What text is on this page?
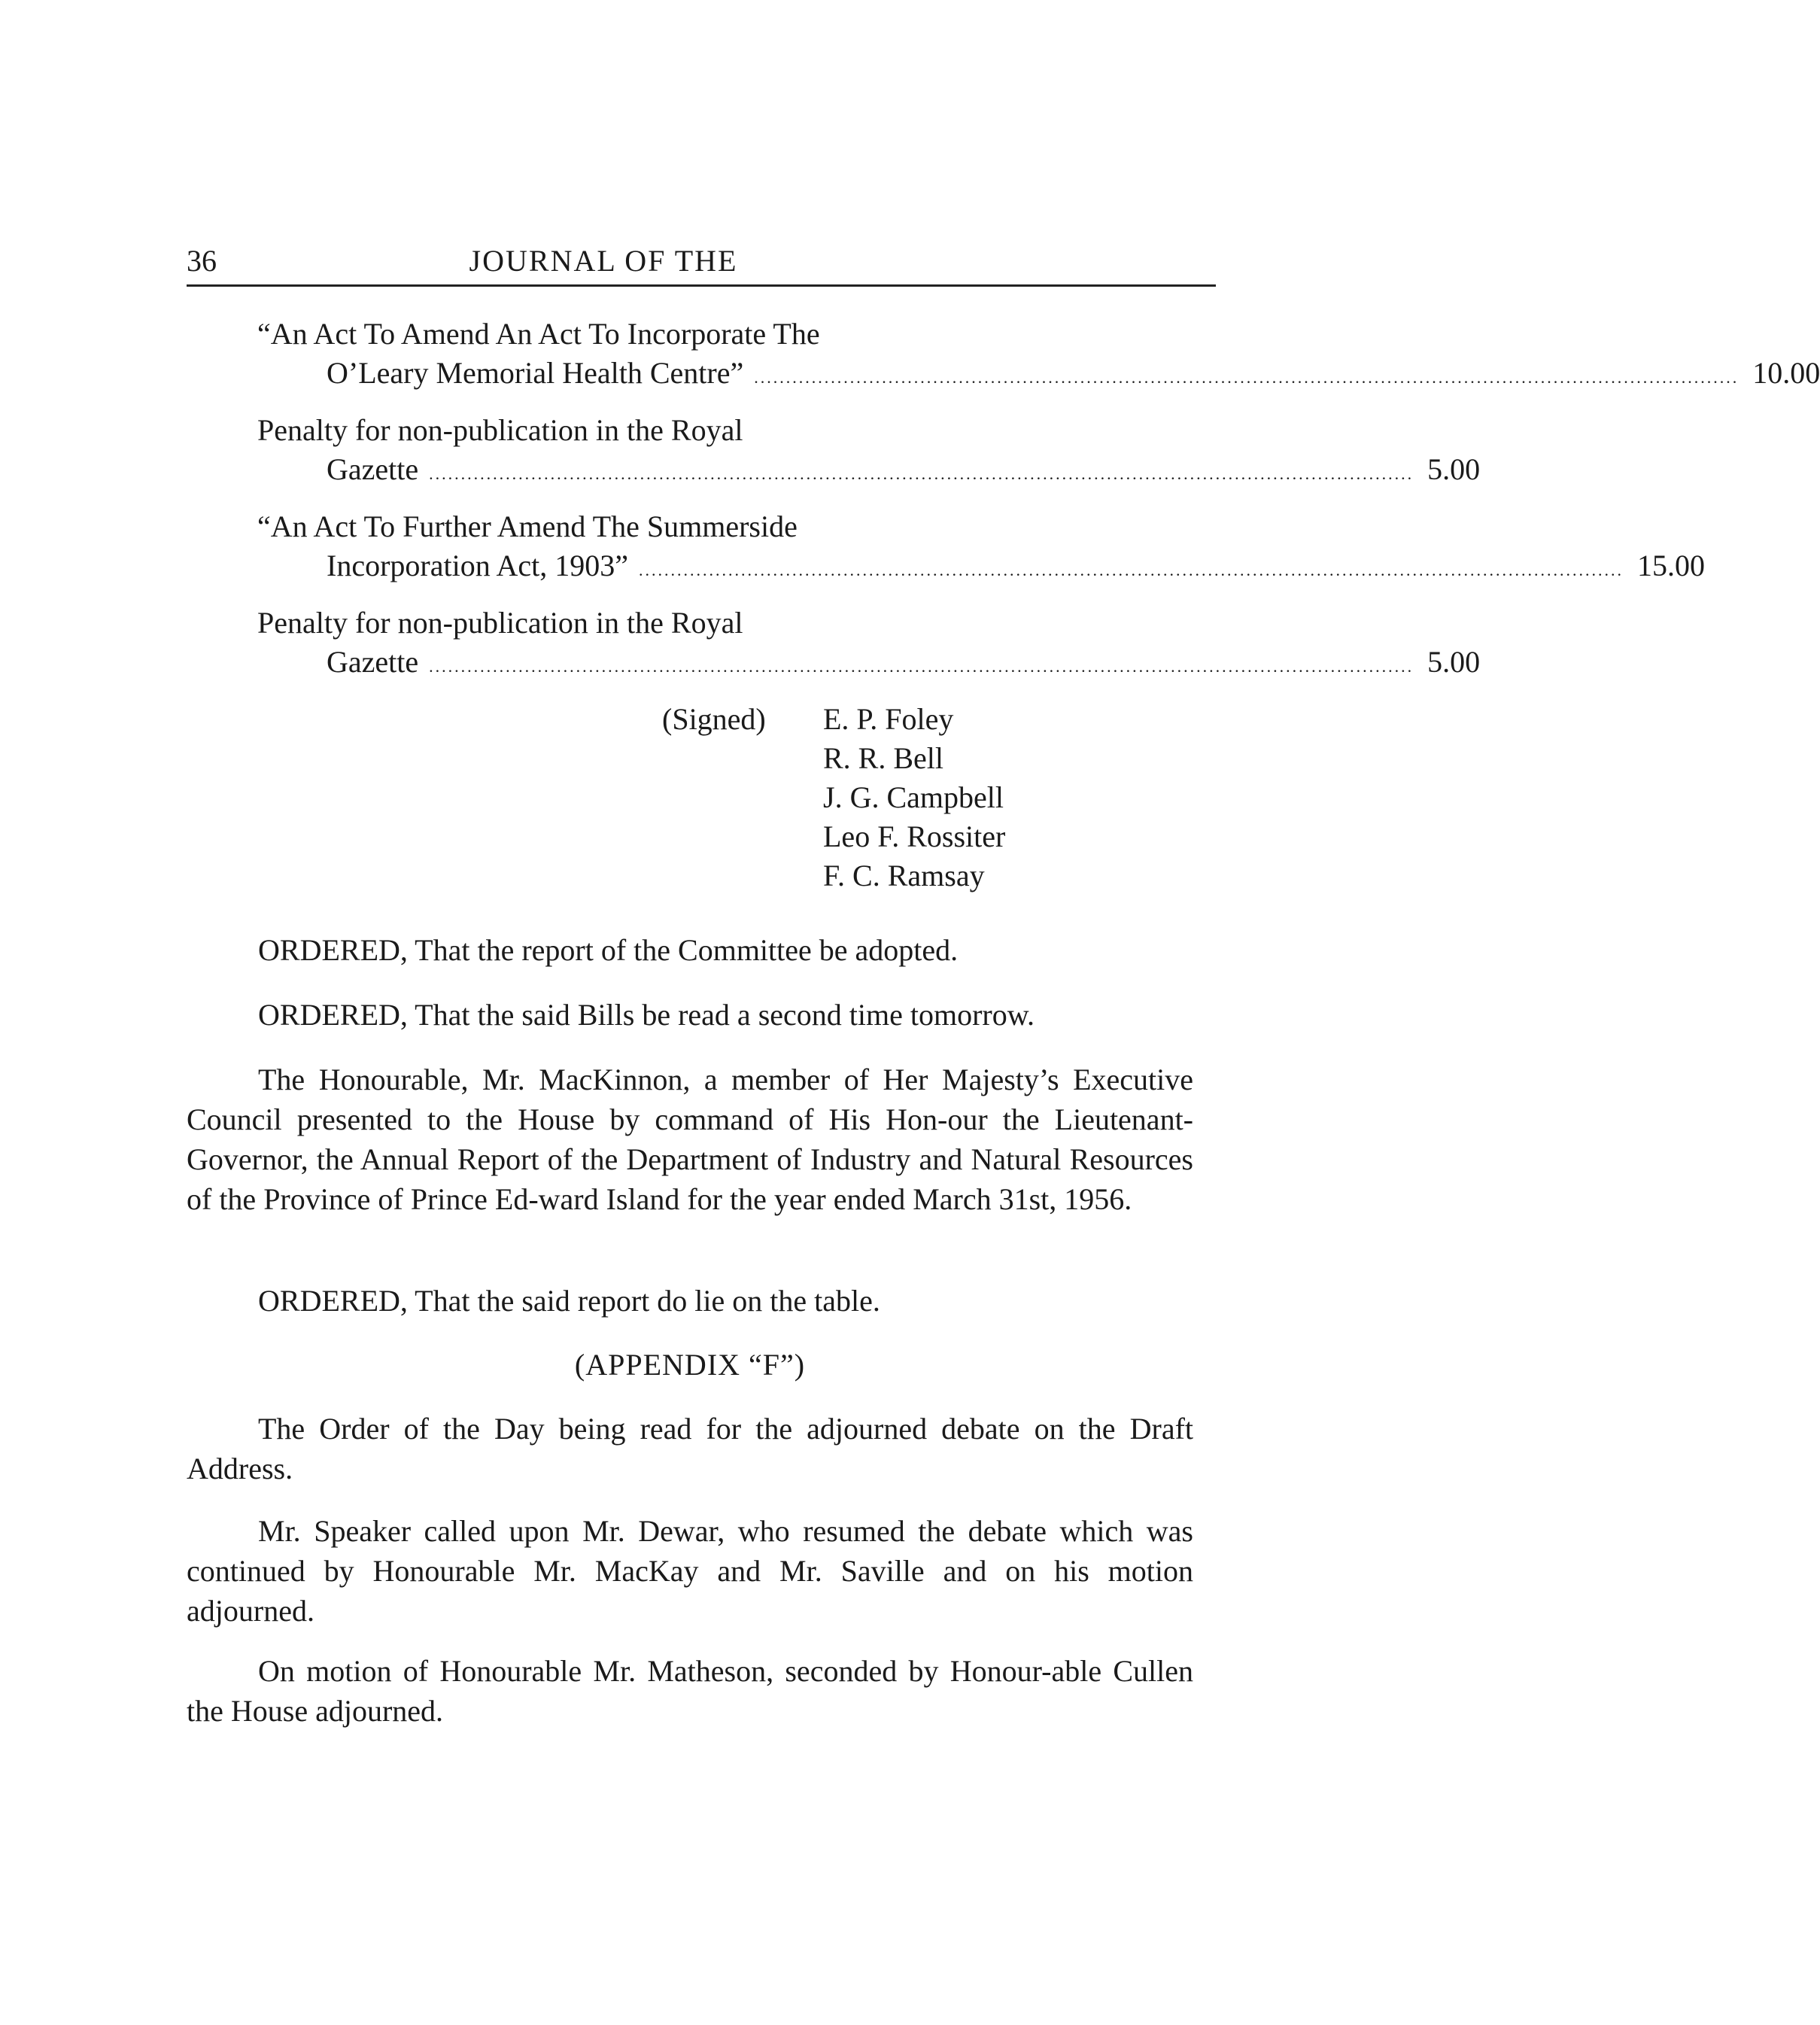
36	JOURNAL OF THE
“An Act To Amend An Act To Incorporate The
O’Leary Memorial Health Centre” .......................................................................................................................................................... 10.00
Penalty for non-publication in the Royal
Gazette .......................................................................................................................................................... 5.00
“An Act To Further Amend The Summerside
Incorporation Act, 1903” .......................................................................................................................................................... 15.00
Penalty for non-publication in the Royal
Gazette .......................................................................................................................................................... 5.00
(Signed) E. P. Foley
R. R. Bell
J. G. Campbell
Leo F. Rossiter
F. C. Ramsay
ORDERED, That the report of the Committee be adopted.
ORDERED, That the said Bills be read a second time tomorrow.
The Honourable, Mr. MacKinnon, a member of Her Majesty’s Executive Council presented to the House by command of His Hon-our the Lieutenant-Governor, the Annual Report of the Department of Industry and Natural Resources of the Province of Prince Ed-ward Island for the year ended March 31st, 1956.
ORDERED, That the said report do lie on the table.
(APPENDIX “F”)
The Order of the Day being read for the adjourned debate on the Draft Address.
Mr. Speaker called upon Mr. Dewar, who resumed the debate which was continued by Honourable Mr. MacKay and Mr. Saville and on his motion adjourned.
On motion of Honourable Mr. Matheson, seconded by Honour-able Cullen the House adjourned.
